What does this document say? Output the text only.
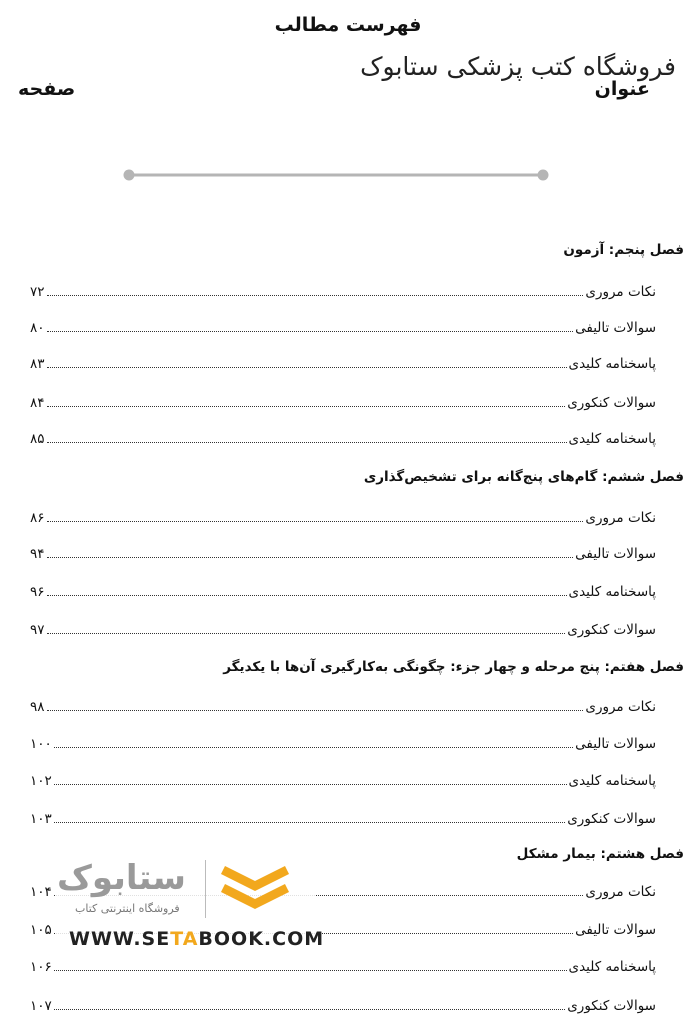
فهرست مطالب
فروشگاه کتب پزشکی ستابوک
عنوان
صفحه
فصل پنجم: آزمون
نکات مروری
۷۲
سوالات تالیفی
۸۰
پاسخنامه کلیدی
۸۳
سوالات کنکوری
۸۴
پاسخنامه کلیدی
۸۵
فصل ششم: گام‌های پنج‌گانه برای تشخیص‌گذاری
نکات مروری
۸۶
سوالات تالیفی
۹۴
پاسخنامه کلیدی
۹۶
سوالات کنکوری
۹۷
فصل هفتم: پنج مرحله و چهار جزء: چگونگی به‌کارگیری آن‌ها با یکدیگر
نکات مروری
۹۸
سوالات تالیفی
۱۰۰
پاسخنامه کلیدی
۱۰۲
سوالات کنکوری
۱۰۳
فصل هشتم: بیمار مشکل
نکات مروری
۱۰۴
سوالات تالیفی
۱۰۵
پاسخنامه کلیدی
۱۰۶
سوالات کنکوری
۱۰۷
ستابوک
فروشگاه اینترنتی کتاب
WWW.SETABOOK.COM
